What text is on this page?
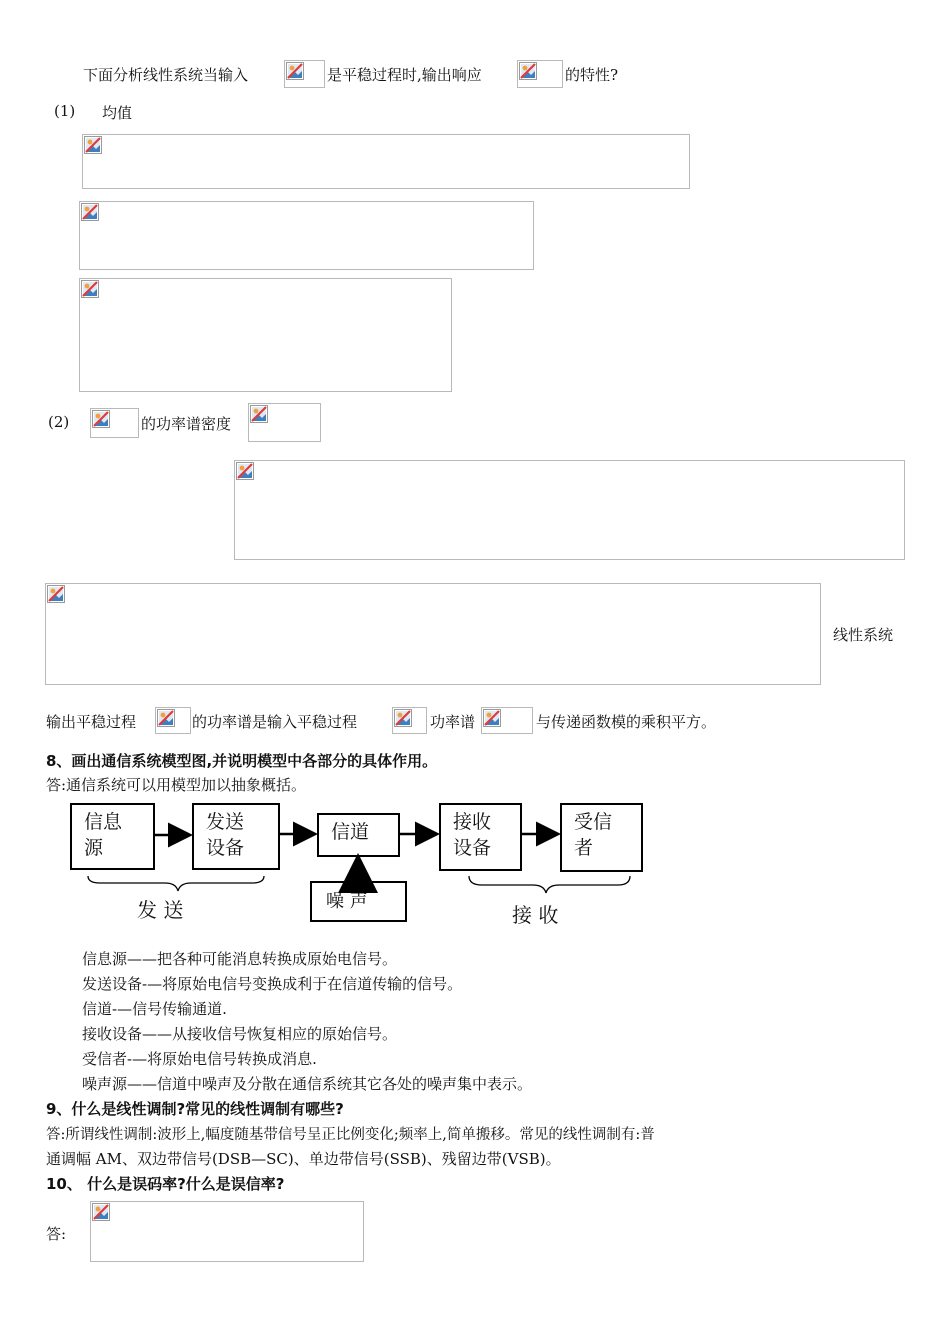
下面分析线性系统当输入	是平稳过程时,输出响应	的特性?
(1) 均值
(2)	的功率谱密度
线性系统
输出平稳过程	的功率谱是输入平稳过程	功率谱	与传递函数模的乘积平方。
8、画出通信系统模型图,并说明模型中各部分的具体作用。
答:通信系统可以用模型加以抽象概括。
信息
源
发送
设备
信道	接收
设备
受信
者
噪 声
发 送	接 收
信息源——把各种可能消息转换成原始电信号。
发送设备-—将原始电信号变换成利于在信道传输的信号。
信道-—信号传输通道.
接收设备——从接收信号恢复相应的原始信号。
受信者-—将原始电信号转换成消息.
噪声源——信道中噪声及分散在通信系统其它各处的噪声集中表示。
9、什么是线性调制?常见的线性调制有哪些?
答:所谓线性调制:波形上,幅度随基带信号呈正比例变化;频率上,简单搬移。常见的线性调制有:普
通调幅 AM、双边带信号(DSB—SC)、单边带信号(SSB)、残留边带(VSB)。
10、 什么是误码率?什么是误信率?
答:
